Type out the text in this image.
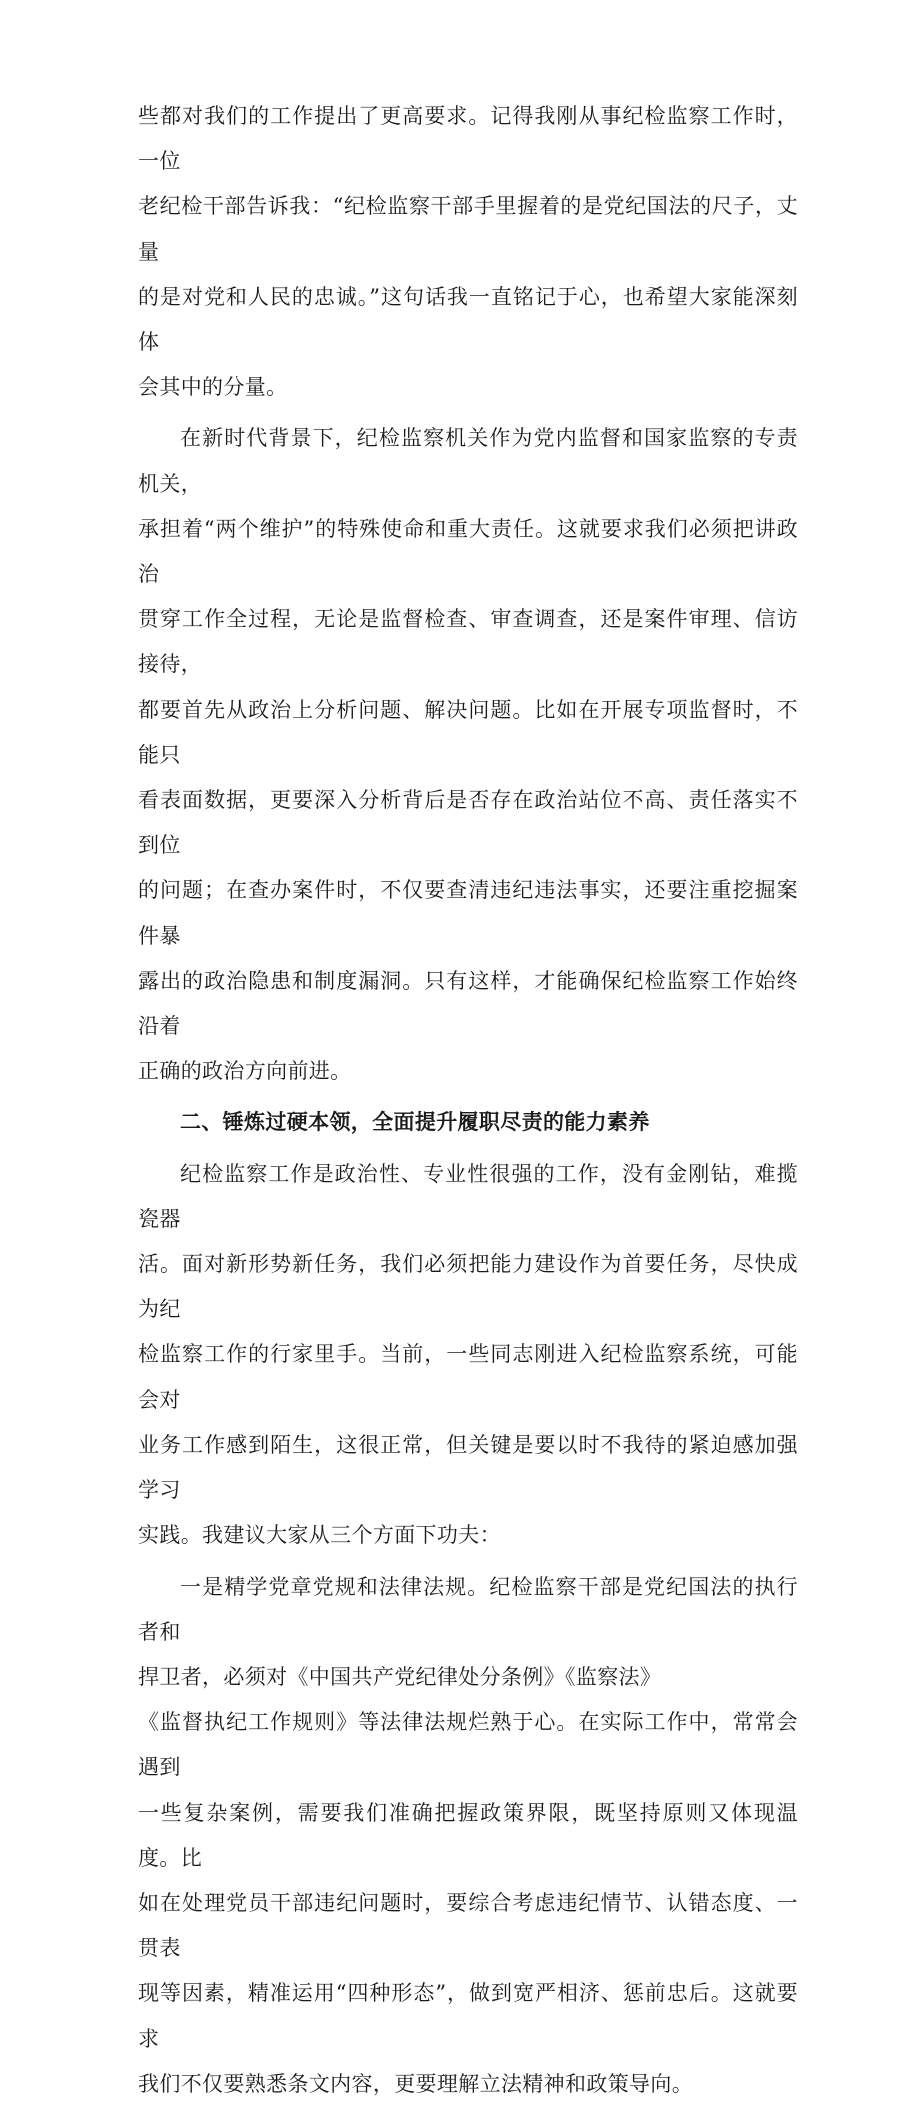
些都对我们的工作提出了更高要求。记得我刚从事纪检监察工作时，一位
老纪检干部告诉我：“纪检监察干部手里握着的是党纪国法的尺子，丈量
的是对党和人民的忠诚。”这句话我一直铭记于心，也希望大家能深刻体
会其中的分量。

在新时代背景下，纪检监察机关作为党内监督和国家监察的专责机关，
承担着“两个维护”的特殊使命和重大责任。这就要求我们必须把讲政治
贯穿工作全过程，无论是监督检查、审查调查，还是案件审理、信访接待，
都要首先从政治上分析问题、解决问题。比如在开展专项监督时，不能只
看表面数据，更要深入分析背后是否存在政治站位不高、责任落实不到位
的问题；在查办案件时，不仅要查清违纪违法事实，还要注重挖掘案件暴
露出的政治隐患和制度漏洞。只有这样，才能确保纪检监察工作始终沿着
正确的政治方向前进。

二、锤炼过硬本领，全面提升履职尽责的能力素养

纪检监察工作是政治性、专业性很强的工作，没有金刚钻，难揽瓷器
活。面对新形势新任务，我们必须把能力建设作为首要任务，尽快成为纪
检监察工作的行家里手。当前，一些同志刚进入纪检监察系统，可能会对
业务工作感到陌生，这很正常，但关键是要以时不我待的紧迫感加强学习
实践。我建议大家从三个方面下功夫：

一是精学党章党规和法律法规。纪检监察干部是党纪国法的执行者和
捍卫者，必须对《中国共产党纪律处分条例》《监察法》
《监督执纪工作规则》等法律法规烂熟于心。在实际工作中，常常会遇到
一些复杂案例，需要我们准确把握政策界限，既坚持原则又体现温度。比
如在处理党员干部违纪问题时，要综合考虑违纪情节、认错态度、一贯表
现等因素，精准运用“四种形态”，做到宽严相济、惩前忠后。这就要求
我们不仅要熟悉条文内容，更要理解立法精神和政策导向。
